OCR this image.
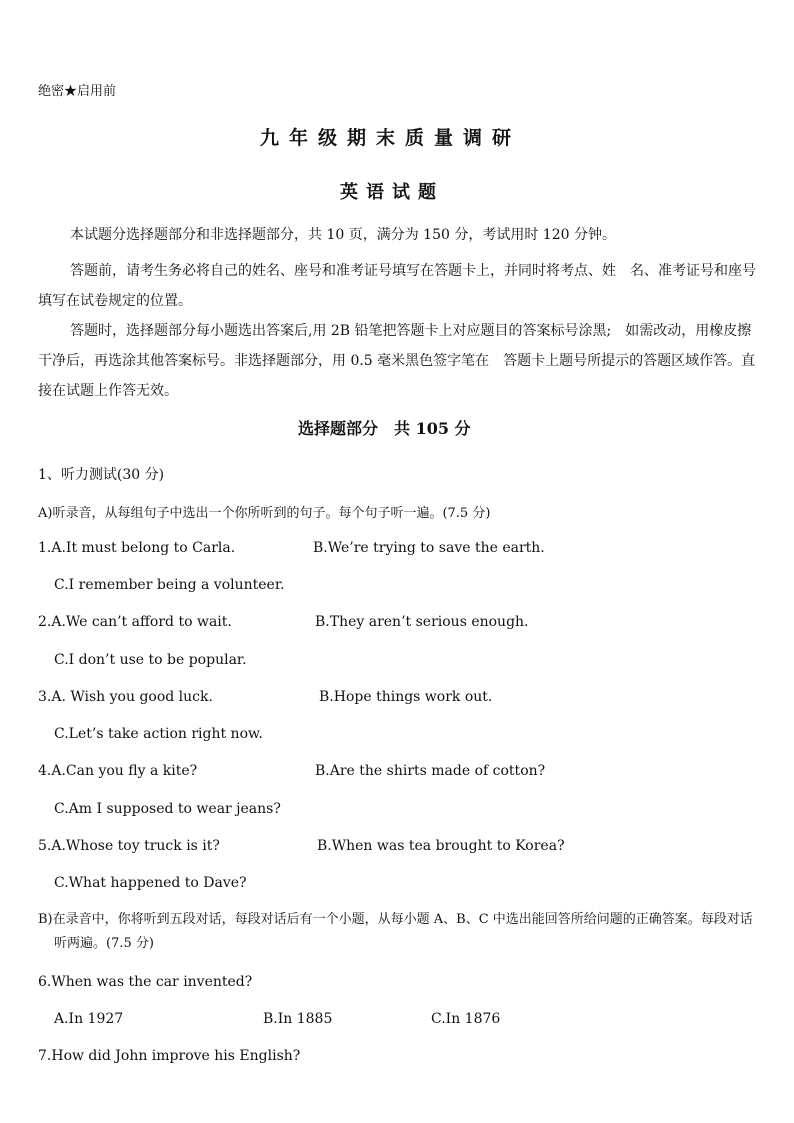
绝密★启用前
九年级期末质量调研
英语试题
本试题分选择题部分和非选择题部分，共 10 页，满分为 150 分，考试用时 120 分钟。
答题前，请考生务必将自己的姓名、座号和准考证号填写在答题卡上，并同时将考点、姓　名、准考证号和座号填写在试卷规定的位置。
答题时，选择题部分每小题选出答案后,用 2B 铅笔把答题卡上对应题目的答案标号涂黑;　如需改动，用橡皮擦干净后，再选涂其他答案标号。非选择题部分，用 0.5 毫米黑色签字笔在　答题卡上题号所提示的答题区域作答。直接在试题上作答无效。
选择题部分　共 105 分
1、听力测试(30 分)
A)听录音，从每组句子中选出一个你所听到的句子。每个句子听一遍。(7.5 分)
1.A.It must belong to Carla.	B.We’re trying to save the earth.
C.I remember being a volunteer.
2.A.We can’t afford to wait.	B.They aren’t serious enough.
C.I don’t use to be popular.
3.A. Wish you good luck.	B.Hope things work out.
C.Let’s take action right now.
4.A.Can you fly a kite?	B.Are the shirts made of cotton?
C.Am I supposed to wear jeans?
5.A.Whose toy truck is it?	B.When was tea brought to Korea?
C.What happened to Dave?
B)在录音中，你将听到五段对话，每段对话后有一个小题，从每小题 A、B、C 中选出能回答所给问题的正确答案。每段对话听两遍。(7.5 分)
6.When was the car invented?
A.In 1927	B.In 1885	C.In 1876
7.How did John improve his English?
